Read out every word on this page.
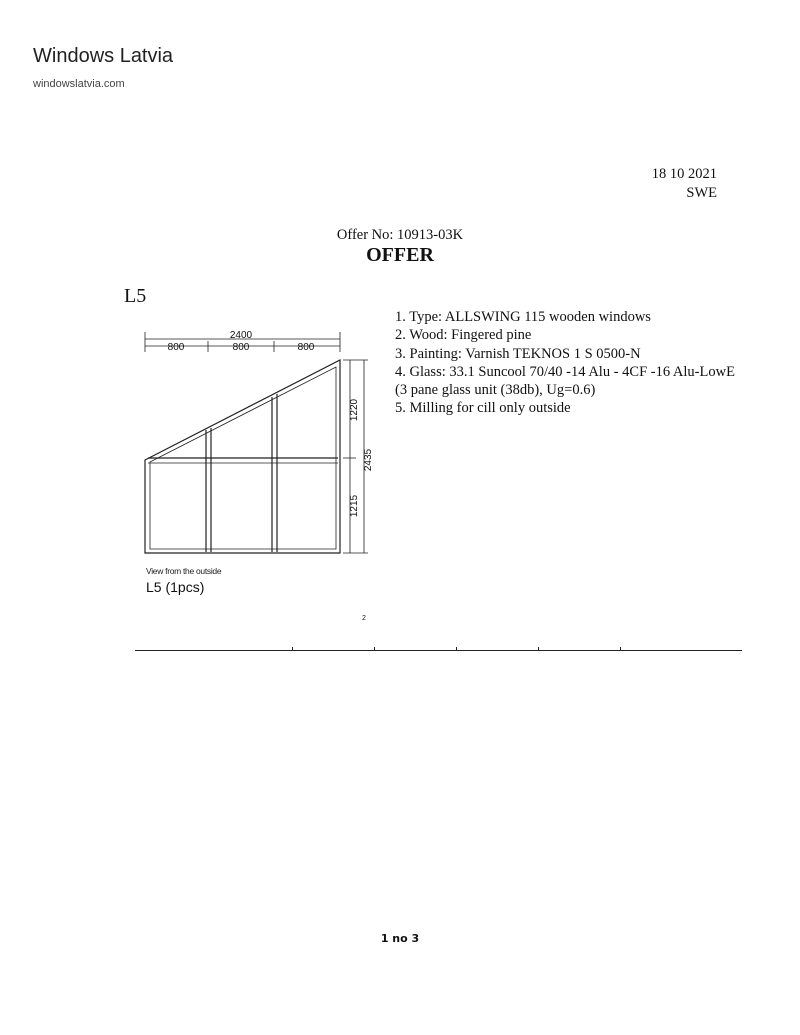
Windows Latvia
windowslatvia.com
18 10 2021
SWE
Offer No: 10913-03K
OFFER
L5
1. Type: ALLSWING 115 wooden windows
2. Wood: Fingered pine
3. Painting: Varnish TEKNOS 1 S 0500-N
4. Glass: 33.1 Suncool 70/40 -14 Alu - 4CF -16 Alu-LowE (3 pane glass unit (38db), Ug=0.6)
5. Milling for cill only outside
2400
800	800	800
1220
1215
2435
View from the outside
L5 (1pcs)
2
1 no 3
